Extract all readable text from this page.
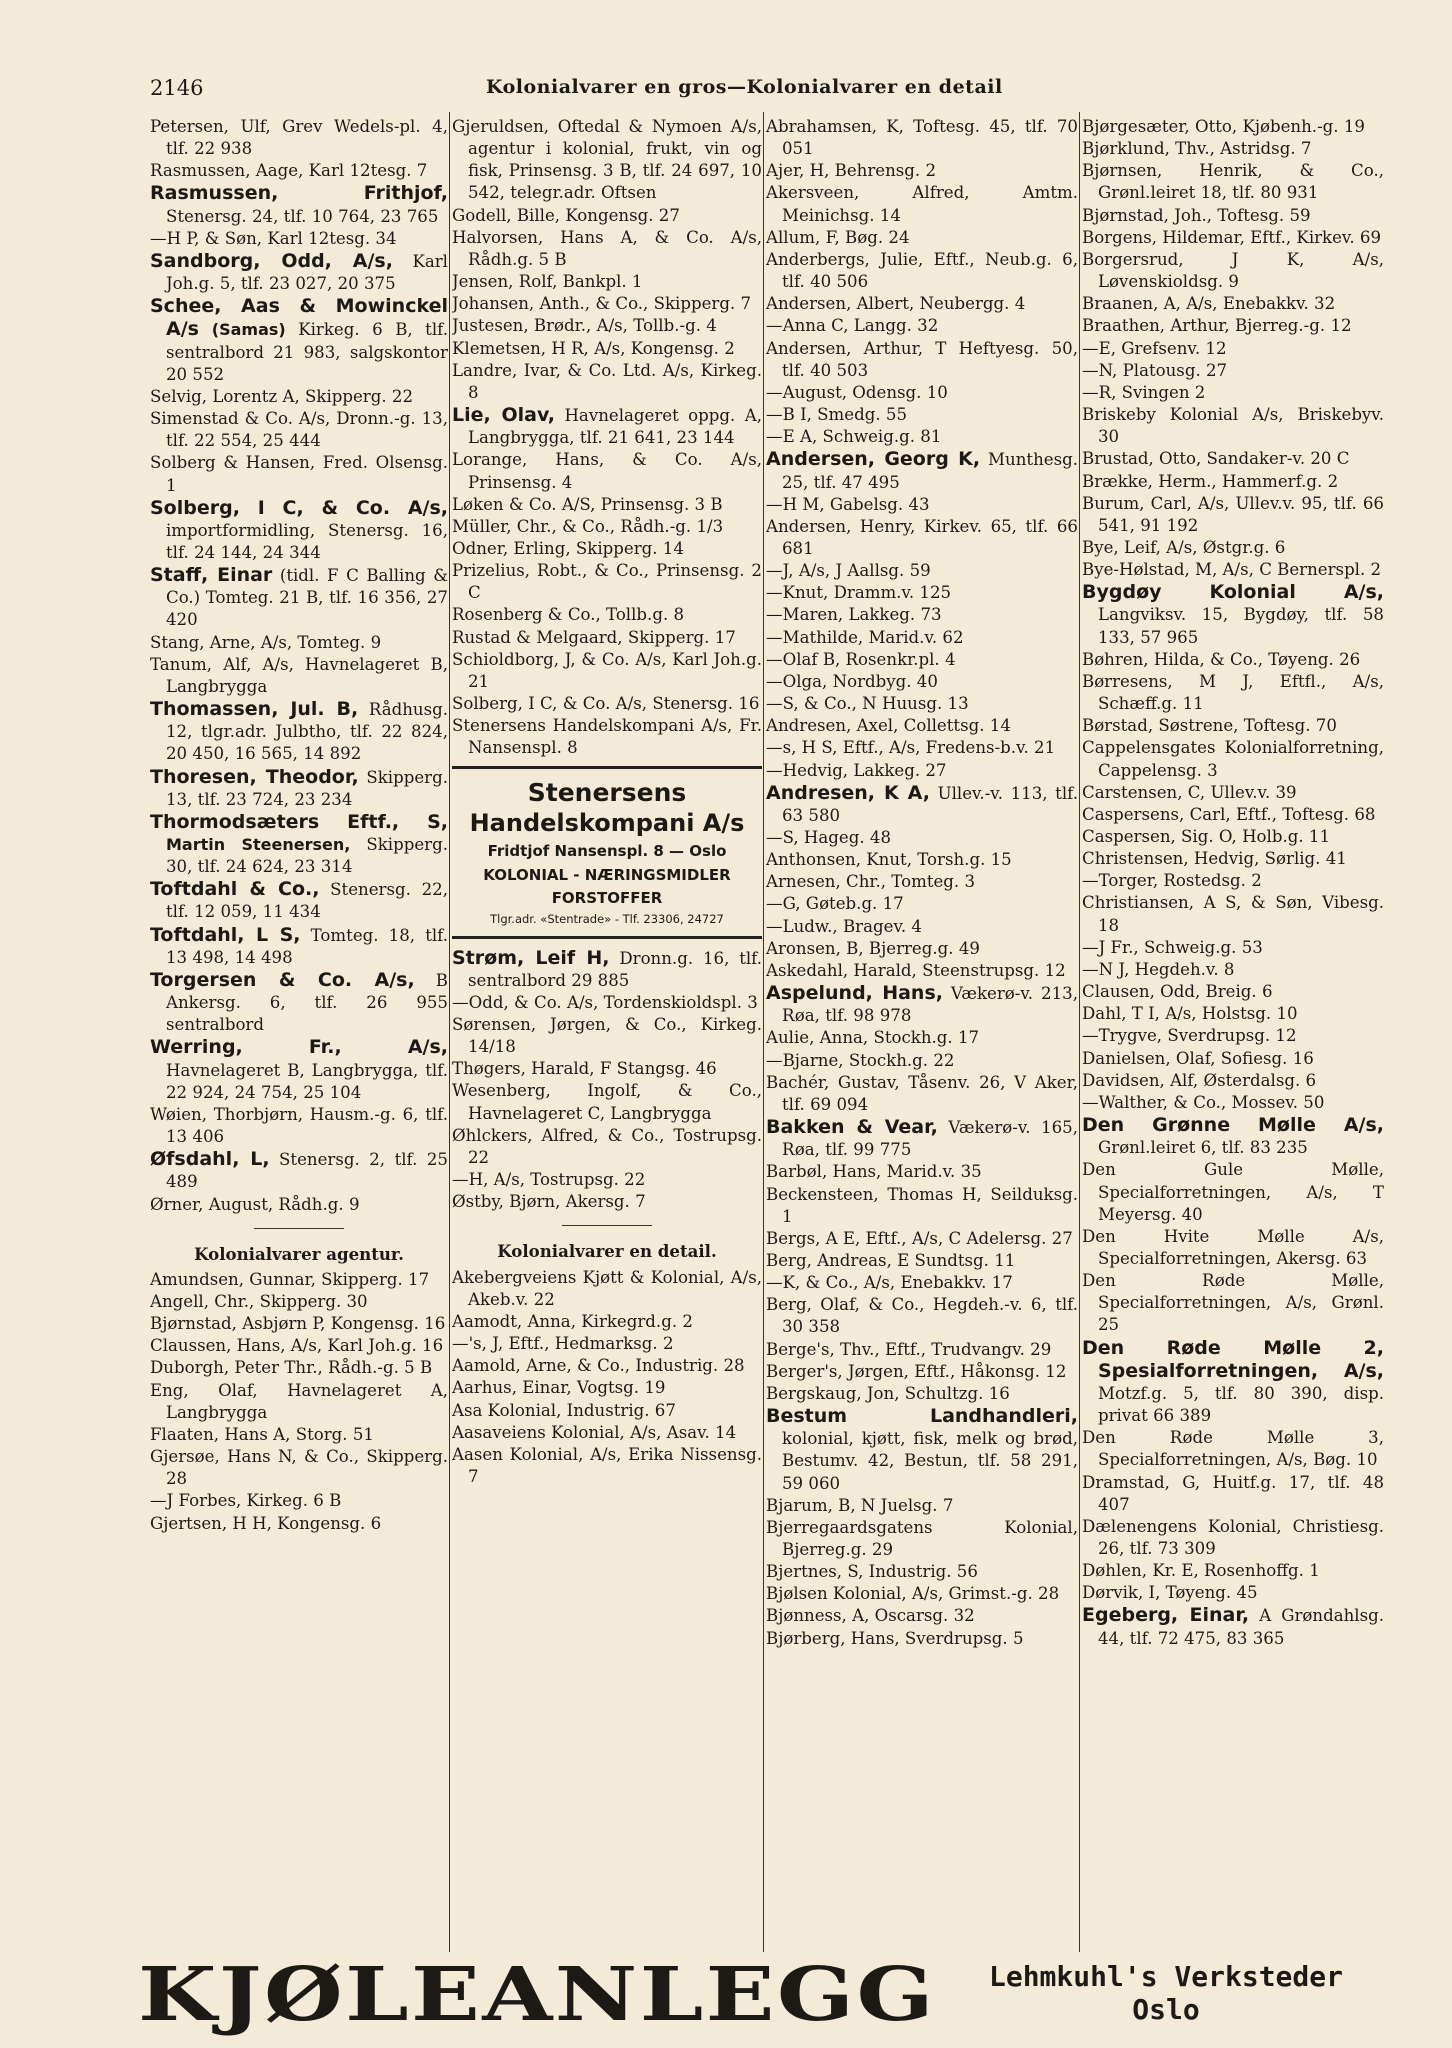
2146	Kolonialvarer en gros—Kolonialvarer en detail
Petersen, Ulf, Grev Wedels-pl. 4, tlf. 22 938
Rasmussen, Aage, Karl 12tesg. 7
Rasmussen, Frithjof, Stenersg. 24, tlf. 10 764, 23 765
—H P, & Søn, Karl 12tesg. 34
Sandborg, Odd, A/s, Karl Joh.g. 5, tlf. 23 027, 20 375
Schee, Aas & Mowinckel A/s (Samas) Kirkeg. 6 B, tlf. sentralbord 21 983, salgskontor 20 552
Selvig, Lorentz A, Skipperg. 22
Simenstad & Co. A/s, Dronn.-g. 13, tlf. 22 554, 25 444
Solberg & Hansen, Fred. Olsensg. 1
Solberg, I C, & Co. A/s, importformidling, Stenersg. 16, tlf. 24 144, 24 344
Staff, Einar (tidl. F C Balling & Co.) Tomteg. 21 B, tlf. 16 356, 27 420
Stang, Arne, A/s, Tomteg. 9
Tanum, Alf, A/s, Havnelageret B, Langbrygga
Thomassen, Jul. B, Rådhusg. 12, tlgr.adr. Julbtho, tlf. 22 824, 20 450, 16 565, 14 892
Thoresen, Theodor, Skipperg. 13, tlf. 23 724, 23 234
Thormodsæters Eftf., S, Martin Steenersen, Skipperg. 30, tlf. 24 624, 23 314
Toftdahl & Co., Stenersg. 22, tlf. 12 059, 11 434
Toftdahl, L S, Tomteg. 18, tlf. 13 498, 14 498
Torgersen & Co. A/s, B Ankersg. 6, tlf. 26 955 sentralbord
Werring, Fr., A/s, Havnelageret B, Langbrygga, tlf. 22 924, 24 754, 25 104
Wøien, Thorbjørn, Hausm.-g. 6, tlf. 13 406
Øfsdahl, L, Stenersg. 2, tlf. 25 489
Ørner, August, Rådh.g. 9
Kolonialvarer agentur.
Amundsen, Gunnar, Skipperg. 17
Angell, Chr., Skipperg. 30
Bjørnstad, Asbjørn P, Kongensg. 16
Claussen, Hans, A/s, Karl Joh.g. 16
Duborgh, Peter Thr., Rådh.-g. 5 B
Eng, Olaf, Havnelageret A, Langbrygga
Flaaten, Hans A, Storg. 51
Gjersøe, Hans N, & Co., Skipperg. 28
—J Forbes, Kirkeg. 6 B
Gjertsen, H H, Kongensg. 6
Gjeruldsen, Oftedal & Nymoen A/s, agentur i kolonial, frukt, vin og fisk, Prinsensg. 3 B, tlf. 24 697, 10 542, telegr.adr. Oftsen
Godell, Bille, Kongensg. 27
Halvorsen, Hans A, & Co. A/s, Rådh.g. 5 B
Jensen, Rolf, Bankpl. 1
Johansen, Anth., & Co., Skipperg. 7
Justesen, Brødr., A/s, Tollb.-g. 4
Klemetsen, H R, A/s, Kongensg. 2
Landre, Ivar, & Co. Ltd. A/s, Kirkeg. 8
Lie, Olav, Havnelageret oppg. A, Langbrygga, tlf. 21 641, 23 144
Lorange, Hans, & Co. A/s, Prinsensg. 4
Løken & Co. A/S, Prinsensg. 3 B
Müller, Chr., & Co., Rådh.-g. 1/3
Odner, Erling, Skipperg. 14
Prizelius, Robt., & Co., Prinsensg. 2 C
Rosenberg & Co., Tollb.g. 8
Rustad & Melgaard, Skipperg. 17
Schioldborg, J, & Co. A/s, Karl Joh.g. 21
Solberg, I C, & Co. A/s, Stenersg. 16
Stenersens Handelskompani A/s, Fr. Nansenspl. 8
Stenersens
Handelskompani A/s
Fridtjof Nansenspl. 8 — Oslo
KOLONIAL - NÆRINGSMIDLER
FORSTOFFER
Tlgr.adr. «Stentrade» - Tlf. 23306, 24727
Strøm, Leif H, Dronn.g. 16, tlf. sentralbord 29 885
—Odd, & Co. A/s, Tordenskioldspl. 3
Sørensen, Jørgen, & Co., Kirkeg. 14/18
Thøgers, Harald, F Stangsg. 46
Wesenberg, Ingolf, & Co., Havnelageret C, Langbrygga
Øhlckers, Alfred, & Co., Tostrupsg. 22
—H, A/s, Tostrupsg. 22
Østby, Bjørn, Akersg. 7
Kolonialvarer en detail.
Akebergveiens Kjøtt & Kolonial, A/s, Akeb.v. 22
Aamodt, Anna, Kirkegrd.g. 2
—'s, J, Eftf., Hedmarksg. 2
Aamold, Arne, & Co., Industrig. 28
Aarhus, Einar, Vogtsg. 19
Asa Kolonial, Industrig. 67
Aasaveiens Kolonial, A/s, Asav. 14
Aasen Kolonial, A/s, Erika Nissensg. 7
Abrahamsen, K, Toftesg. 45, tlf. 70 051
Ajer, H, Behrensg. 2
Akersveen, Alfred, Amtm. Meinichsg. 14
Allum, F, Bøg. 24
Anderbergs, Julie, Eftf., Neub.g. 6, tlf. 40 506
Andersen, Albert, Neubergg. 4
—Anna C, Langg. 32
Andersen, Arthur, T Heftyesg. 50, tlf. 40 503
—August, Odensg. 10
—B I, Smedg. 55
—E A, Schweig.g. 81
Andersen, Georg K, Munthesg. 25, tlf. 47 495
—H M, Gabelsg. 43
Andersen, Henry, Kirkev. 65, tlf. 66 681
—J, A/s, J Aallsg. 59
—Knut, Dramm.v. 125
—Maren, Lakkeg. 73
—Mathilde, Marid.v. 62
—Olaf B, Rosenkr.pl. 4
—Olga, Nordbyg. 40
—S, & Co., N Huusg. 13
Andresen, Axel, Collettsg. 14
—s, H S, Eftf., A/s, Fredens-b.v. 21
—Hedvig, Lakkeg. 27
Andresen, K A, Ullev.-v. 113, tlf. 63 580
—S, Hageg. 48
Anthonsen, Knut, Torsh.g. 15
Arnesen, Chr., Tomteg. 3
—G, Gøteb.g. 17
—Ludw., Bragev. 4
Aronsen, B, Bjerreg.g. 49
Askedahl, Harald, Steenstrupsg. 12
Aspelund, Hans, Vækerø-v. 213, Røa, tlf. 98 978
Aulie, Anna, Stockh.g. 17
—Bjarne, Stockh.g. 22
Bachér, Gustav, Tåsenv. 26, V Aker, tlf. 69 094
Bakken & Vear, Vækerø-v. 165, Røa, tlf. 99 775
Barbøl, Hans, Marid.v. 35
Beckensteen, Thomas H, Seilduksg. 1
Bergs, A E, Eftf., A/s, C Adelersg. 27
Berg, Andreas, E Sundtsg. 11
—K, & Co., A/s, Enebakkv. 17
Berg, Olaf, & Co., Hegdeh.-v. 6, tlf. 30 358
Berge's, Thv., Eftf., Trudvangv. 29
Berger's, Jørgen, Eftf., Håkonsg. 12
Bergskaug, Jon, Schultzg. 16
Bestum Landhandleri, kolonial, kjøtt, fisk, melk og brød, Bestumv. 42, Bestun, tlf. 58 291, 59 060
Bjarum, B, N Juelsg. 7
Bjerregaardsgatens Kolonial, Bjerreg.g. 29
Bjertnes, S, Industrig. 56
Bjølsen Kolonial, A/s, Grimst.-g. 28
Bjønness, A, Oscarsg. 32
Bjørberg, Hans, Sverdrupsg. 5
Bjørgesæter, Otto, Kjøbenh.-g. 19
Bjørklund, Thv., Astridsg. 7
Bjørnsen, Henrik, & Co., Grønl.leiret 18, tlf. 80 931
Bjørnstad, Joh., Toftesg. 59
Borgens, Hildemar, Eftf., Kirkev. 69
Borgersrud, J K, A/s, Løvenskioldsg. 9
Braanen, A, A/s, Enebakkv. 32
Braathen, Arthur, Bjerreg.-g. 12
—E, Grefsenv. 12
—N, Platousg. 27
—R, Svingen 2
Briskeby Kolonial A/s, Briskebyv. 30
Brustad, Otto, Sandaker-v. 20 C
Brække, Herm., Hammerf.g. 2
Burum, Carl, A/s, Ullev.v. 95, tlf. 66 541, 91 192
Bye, Leif, A/s, Østgr.g. 6
Bye-Hølstad, M, A/s, C Bernerspl. 2
Bygdøy Kolonial A/s, Langviksv. 15, Bygdøy, tlf. 58 133, 57 965
Bøhren, Hilda, & Co., Tøyeng. 26
Børresens, M J, Eftfl., A/s, Schæff.g. 11
Børstad, Søstrene, Toftesg. 70
Cappelensgates Kolonialforretning, Cappelensg. 3
Carstensen, C, Ullev.v. 39
Caspersens, Carl, Eftf., Toftesg. 68
Caspersen, Sig. O, Holb.g. 11
Christensen, Hedvig, Sørlig. 41
—Torger, Rostedsg. 2
Christiansen, A S, & Søn, Vibesg. 18
—J Fr., Schweig.g. 53
—N J, Hegdeh.v. 8
Clausen, Odd, Breig. 6
Dahl, T I, A/s, Holstsg. 10
—Trygve, Sverdrupsg. 12
Danielsen, Olaf, Sofiesg. 16
Davidsen, Alf, Østerdalsg. 6
—Walther, & Co., Mossev. 50
Den Grønne Mølle A/s, Grønl.leiret 6, tlf. 83 235
Den Gule Mølle, Specialforretningen, A/s, T Meyersg. 40
Den Hvite Mølle A/s, Specialforretningen, Akersg. 63
Den Røde Mølle, Specialforretningen, A/s, Grønl. 25
Den Røde Mølle 2, Spesialforretningen, A/s, Motzf.g. 5, tlf. 80 390, disp. privat 66 389
Den Røde Mølle 3, Specialforretningen, A/s, Bøg. 10
Dramstad, G, Huitf.g. 17, tlf. 48 407
Dælenengens Kolonial, Christiesg. 26, tlf. 73 309
Døhlen, Kr. E, Rosenhoffg. 1
Dørvik, I, Tøyeng. 45
Egeberg, Einar, A Grøndahlsg. 44, tlf. 72 475, 83 365
KJØLEANLEGG	Lehmkuhl's Verksteder
Oslo
